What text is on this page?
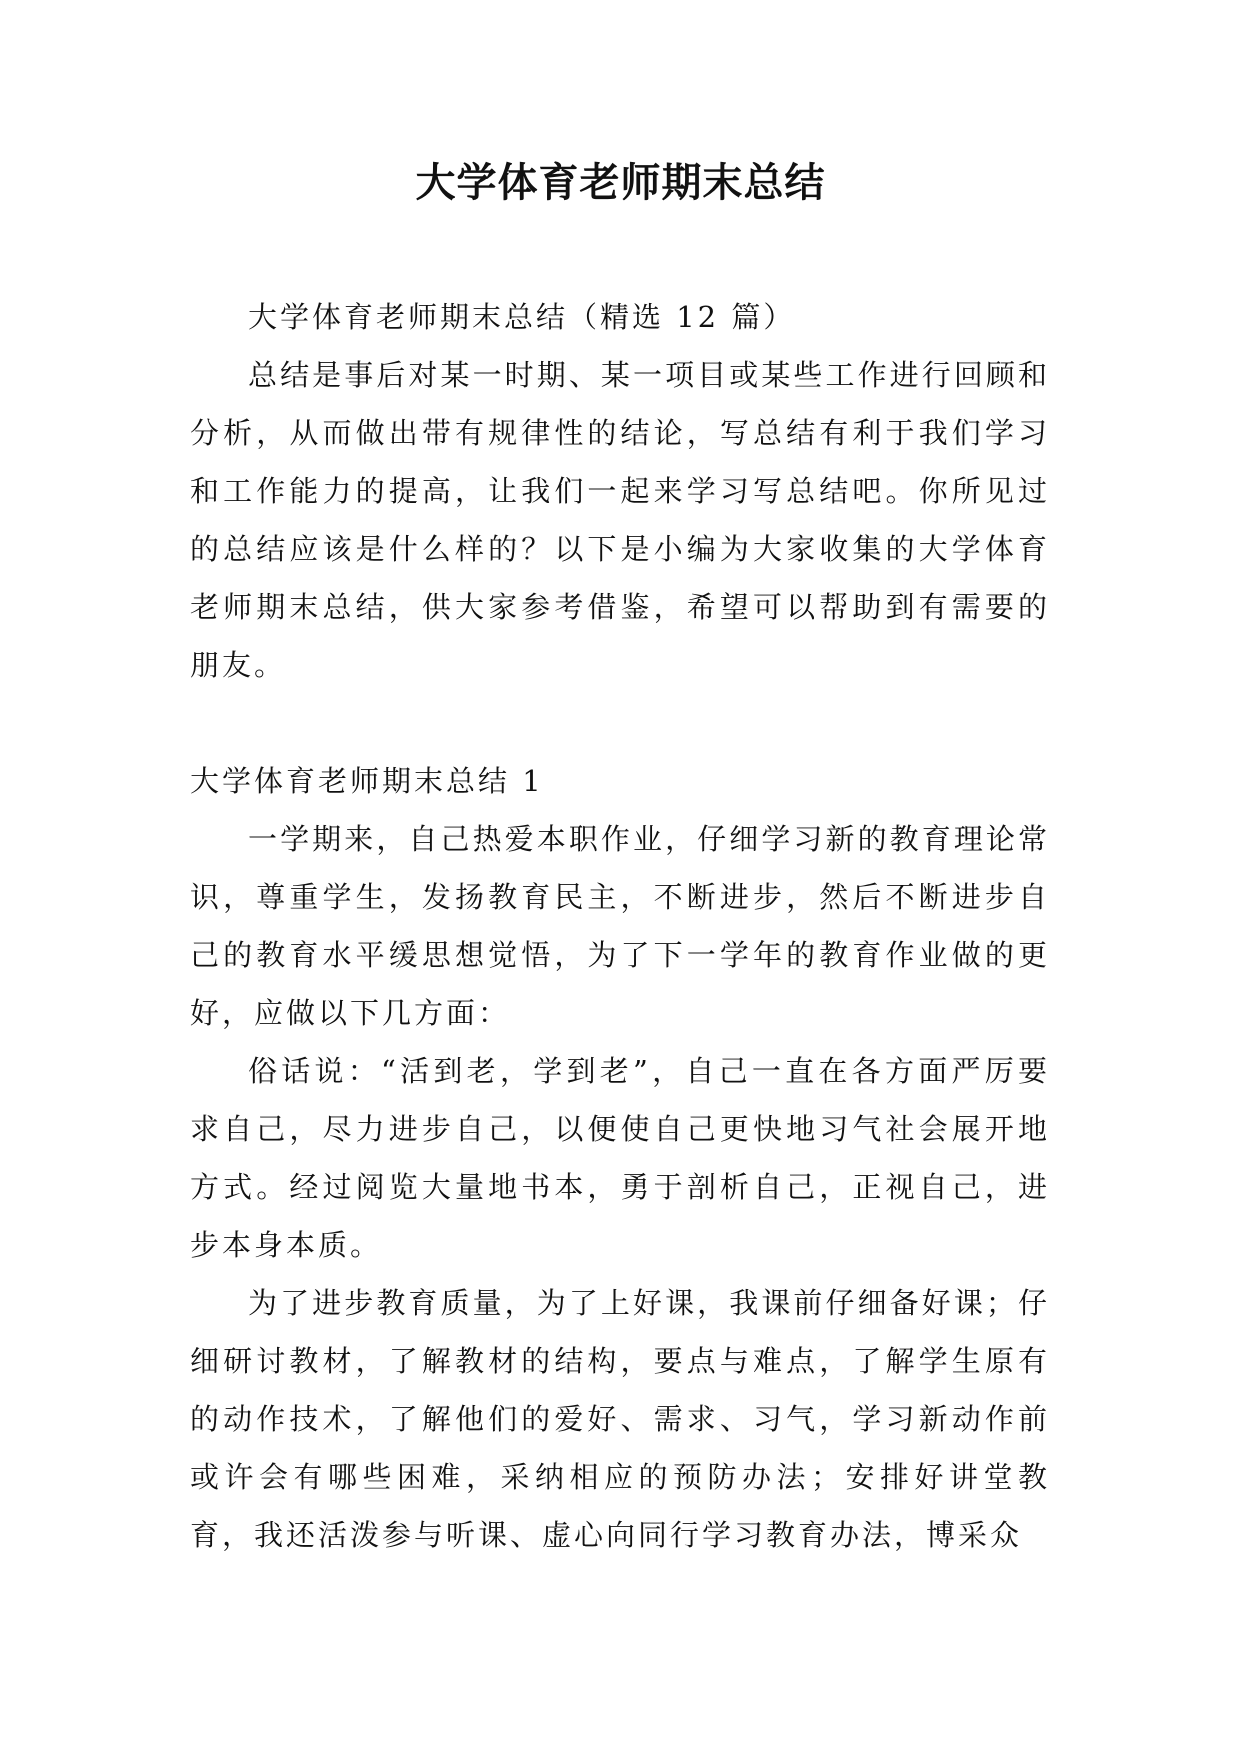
大学体育老师期末总结

大学体育老师期末总结（精选 12 篇）

总结是事后对某一时期、某一项目或某些工作进行回顾和分析，从而做出带有规律性的结论，写总结有利于我们学习和工作能力的提高，让我们一起来学习写总结吧。你所见过的总结应该是什么样的？以下是小编为大家收集的大学体育老师期末总结，供大家参考借鉴，希望可以帮助到有需要的朋友。

大学体育老师期末总结 1

一学期来，自己热爱本职作业，仔细学习新的教育理论常识，尊重学生，发扬教育民主，不断进步，然后不断进步自己的教育水平缓思想觉悟，为了下一学年的教育作业做的更好，应做以下几方面：

俗话说：“活到老，学到老”，自己一直在各方面严厉要求自己，尽力进步自己，以便使自己更快地习气社会展开地方式。经过阅览大量地书本，勇于剖析自己，正视自己，进步本身本质。

为了进步教育质量，为了上好课，我课前仔细备好课；仔细研讨教材，了解教材的结构，要点与难点，了解学生原有的动作技术，了解他们的爱好、需求、习气，学习新动作前或许会有哪些困难，采纳相应的预防办法；安排好讲堂教育，我还活泼参与听课、虚心向同行学习教育办法，博采众
